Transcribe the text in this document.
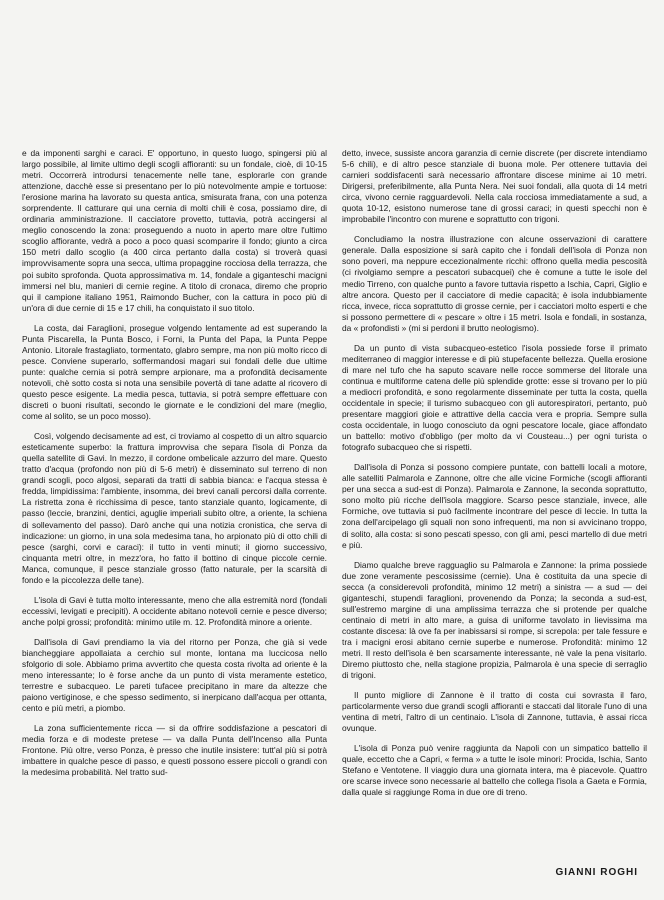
e da imponenti sarghi e caraci. E' opportuno, in questo luogo, spingersi più al largo possibile, al limite ultimo degli scogli affioranti: su un fondale, cioè, di 10-15 metri. Occorrerà introdursi tenacemente nelle tane, esplorarle con grande attenzione, dacchè esse si presentano per lo più notevolmente ampie e tortuose: l'erosione marina ha lavorato su questa antica, smisurata frana, con una potenza sorprendente. Il catturare qui una cernia di molti chili è cosa, possiamo dire, di ordinaria amministrazione. Il cacciatore provetto, tuttavia, potrà accingersi al meglio conoscendo la zona: proseguendo a nuoto in aperto mare oltre l'ultimo scoglio affiorante, vedrà a poco a poco quasi scomparire il fondo; giunto a circa 150 metri dallo scoglio (a 400 circa pertanto dalla costa) si troverà quasi improvvisamente sopra una secca, ultima propaggine rocciosa della terrazza, che poi subito sprofonda. Quota approssimativa m. 14, fondale a giganteschi macigni immersi nel blu, manieri di cernie regine. A titolo di cronaca, diremo che proprio qui il campione italiano 1951, Raimondo Bucher, con la cattura in poco più di un'ora di due cernie di 15 e 17 chili, ha conquistato il suo titolo.

La costa, dai Faraglioni, prosegue volgendo lentamente ad est superando la Punta Piscarella, la Punta Bosco, i Forni, la Punta del Papa, la Punta Peppe Antonio. Litorale frastagliato, tormentato, glabro sempre, ma non più molto ricco di pesce. Conviene superarlo, soffermandosi magari sui fondali delle due ultime punte: qualche cernia si potrà sempre arpionare, ma a profondità decisamente notevoli, chè sotto costa si nota una sensibile povertà di tane adatte al ricovero di questo pesce esigente. La media pesca, tuttavia, si potrà sempre effettuare con discreti o buoni risultati, secondo le giornate e le condizioni del mare (meglio, come al solito, se un poco mosso).

Così, volgendo decisamente ad est, ci troviamo al cospetto di un altro squarcio esteticamente superbo: la frattura improvvisa che separa l'isola di Ponza da quella satellite di Gavi. In mezzo, il cordone ombelicale azzurro del mare. Questo tratto d'acqua (profondo non più di 5-6 metri) è disseminato sul terreno di non grandi scogli, poco algosi, separati da tratti di sabbia bianca: e l'acqua stessa è fredda, limpidissima: l'ambiente, insomma, dei brevi canali percorsi dalla corrente. La ristretta zona è ricchissima di pesce, tanto stanziale quanto, logicamente, di passo (leccie, branzini, dentici, aguglie imperiali subito oltre, a oriente, la schiena di sollevamento del passo). Darò anche qui una notizia cronistica, che serva di indicazione: un giorno, in una sola medesima tana, ho arpionato più di otto chili di pesce (sarghi, corvi e caraci): il tutto in venti minuti; il giorno successivo, cinquanta metri oltre, in mezz'ora, ho fatto il bottino di cinque piccole cernie. Manca, comunque, il pesce stanziale grosso (fatto naturale, per la scarsità di fondo e la piccolezza delle tane).

L'isola di Gavi è tutta molto interessante, meno che alla estremità nord (fondali eccessivi, levigati e precipiti). A occidente abitano notevoli cernie e pesce diverso; anche polpi grossi; profondità: minimo utile m. 12. Profondità minore a oriente.

Dall'isola di Gavi prendiamo la via del ritorno per Ponza, che già si vede biancheggiare appollaiata a cerchio sul monte, lontana ma luccicosa nello sfolgorio di sole. Abbiamo prima avvertito che questa costa rivolta ad oriente è la meno interessante; lo è forse anche da un punto di vista meramente estetico, terrestre e subacqueo. Le pareti tufacee precipitano in mare da altezze che paiono vertiginose, e che spesso sedimento, si inerpicano dall'acqua per ottanta, cento e più metri, a piombo.

La zona sufficientemente ricca — si da offrire soddisfazione a pescatori di media forza e di modeste pretese — va dalla Punta dell'Incenso alla Punta Frontone. Più oltre, verso Ponza, è presso che inutile insistere: tutt'al più si potrà imbattere in qualche pesce di passo, e questi possono essere piccoli o grandi con la medesima probabilità. Nel tratto sud-

detto, invece, sussiste ancora garanzia di cernie discrete (per discrete intendiamo 5-6 chili), e di altro pesce stanziale di buona mole. Per ottenere tuttavia dei carnieri soddisfacenti sarà necessario affrontare discese minime ai 10 metri. Dirigersi, preferibilmente, alla Punta Nera. Nei suoi fondali, alla quota di 14 metri circa, vivono cernie ragguardevoli. Nella cala rocciosa immediatamente a sud, a quota 10-12, esistono numerose tane di grossi caraci; in questi specchi non è improbabile l'incontro con murene e soprattutto con trigoni.

Concludiamo la nostra illustrazione con alcune osservazioni di carattere generale. Dalla esposizione si sarà capito che i fondali dell'isola di Ponza non sono poveri, ma neppure eccezionalmente ricchi: offrono quella media pescosità (ci rivolgiamo sempre a pescatori subacquei) che è comune a tutte le isole del medio Tirreno, con qualche punto a favore tuttavia rispetto a Ischia, Capri, Giglio e altre ancora. Questo per il cacciatore di medie capacità; è isola indubbiamente ricca, invece, ricca soprattutto di grosse cernie, per i cacciatori molto esperti e che si possono permettere di « pescare » oltre i 15 metri. Isola e fondali, in sostanza, da « profondisti » (mi si perdoni il brutto neologismo).

Da un punto di vista subacqueo-estetico l'isola possiede forse il primato mediterraneo di maggior interesse e di più stupefacente bellezza. Quella erosione di mare nel tufo che ha saputo scavare nelle rocce sommerse del litorale una continua e multiforme catena delle più splendide grotte: esse si trovano per lo più a mediocri profondità, e sono regolarmente disseminate per tutta la costa, quella occidentale in specie; il turismo subacqueo con gli autorespiratori, pertanto, può presentare maggiori gioie e attrattive della caccia vera e propria. Sempre sulla costa occidentale, in luogo conosciuto da ogni pescatore locale, giace affondato un battello: motivo d'obbligo (per molto da vi Cousteau...) per ogni turista o fotografo subacqueo che si rispetti.

Dall'isola di Ponza si possono compiere puntate, con battelli locali a motore, alle satelliti Palmarola e Zannone, oltre che alle vicine Formiche (scogli affioranti per una secca a sud-est di Ponza). Palmarola e Zannone, la seconda soprattutto, sono molto più ricche dell'isola maggiore. Scarso pesce stanziale, invece, alle Formiche, ove tuttavia si può facilmente incontrare del pesce di leccie. In tutta la zona dell'arcipelago gli squali non sono infrequenti, ma non si avvicinano troppo, di solito, alla costa: si sono pescati spesso, con gli ami, pesci martello di due metri e più.

Diamo qualche breve ragguaglio su Palmarola e Zannone: la prima possiede due zone veramente pescosissime (cernie). Una è costituita da una specie di secca (a considerevoli profondità, minimo 12 metri) a sinistra — a sud — dei giganteschi, stupendi faraglioni, provenendo da Ponza; la seconda a sud-est, sull'estremo margine di una amplissima terrazza che si protende per qualche centinaio di metri in alto mare, a guisa di uniforme tavolato in lievissima ma costante discesa: là ove fa per inabissarsi si rompe, si screpola: per tale fessure e tra i macigni erosi abitano cernie superbe e numerose. Profondità: minimo 12 metri. Il resto dell'isola è ben scarsamente interessante, nè vale la pena visitarlo. Diremo piuttosto che, nella stagione propizia, Palmarola è una specie di serraglio di trigoni.

Il punto migliore di Zannone è il tratto di costa cui sovrasta il faro, particolarmente verso due grandi scogli affioranti e staccati dal litorale l'uno di una ventina di metri, l'altro di un centinaio. L'isola di Zannone, tuttavia, è assai ricca ovunque.

L'isola di Ponza può venire raggiunta da Napoli con un simpatico battello il quale, eccetto che a Capri, « ferma » a tutte le isole minori: Procida, Ischia, Santo Stefano e Ventotene. Il viaggio dura una giornata intera, ma è piacevole. Quattro ore scarse invece sono necessarie al battello che collega l'isola a Gaeta e Formia, dalla quale si raggiunge Roma in due ore di treno.

GIANNI ROGHI
